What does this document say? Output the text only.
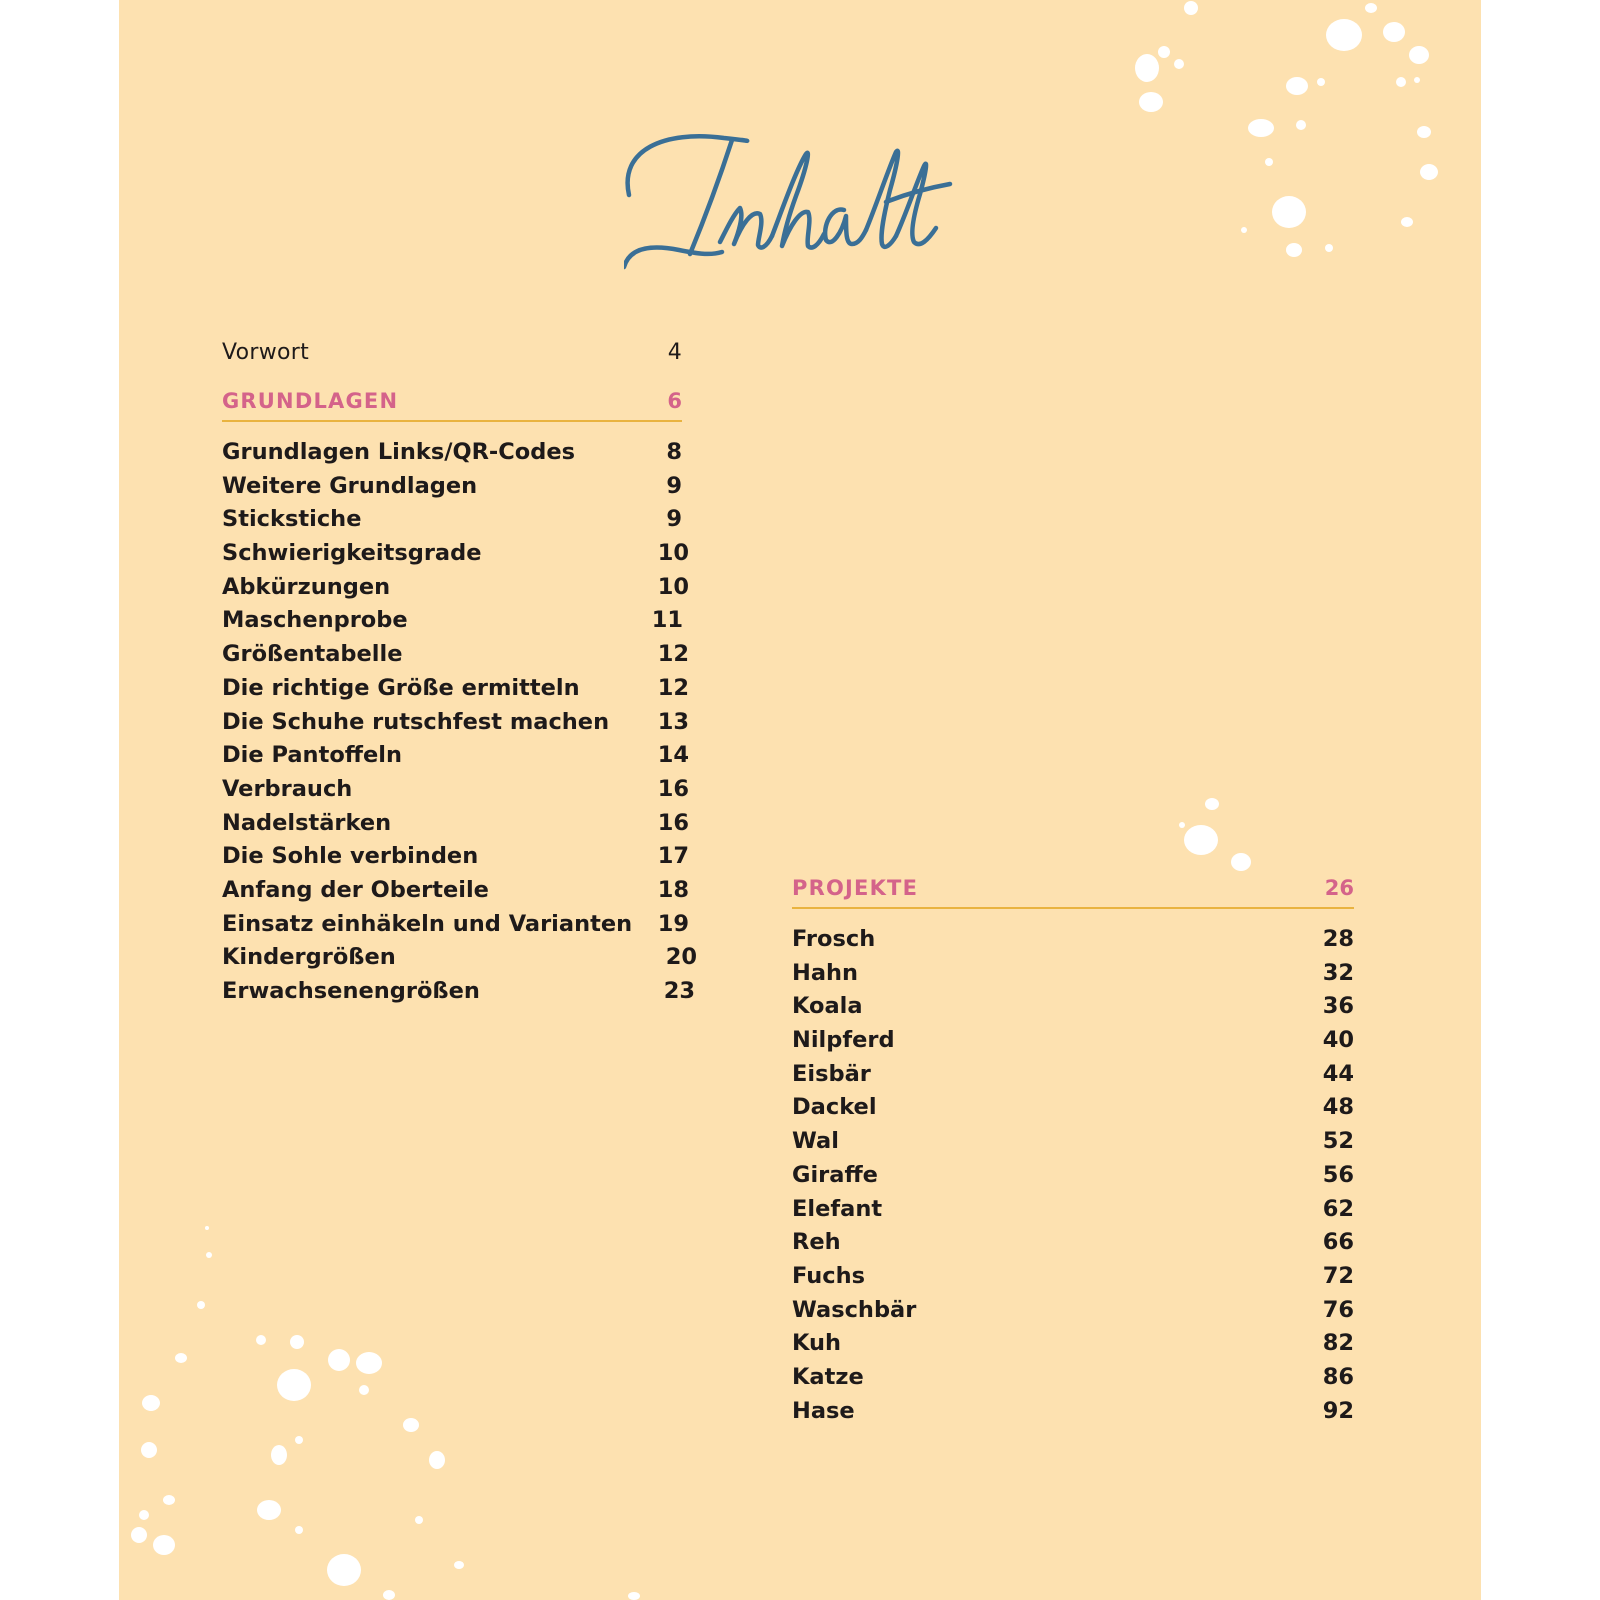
Vorwort	4
GRUNDLAGEN	6
Grundlagen Links/QR-Codes	8
Weitere Grundlagen	9
Stickstiche	9
Schwierigkeitsgrade	10
Abkürzungen	10
Maschenprobe	11
Größentabelle	12
Die richtige Größe ermitteln	12
Die Schuhe rutschfest machen 13
Die Pantoffeln	14
Verbrauch	16
Nadelstärken	16
Die Sohle verbinden	17
Anfang der Oberteile	18
Einsatz einhäkeln und Varianten 19
Kindergrößen	20
Erwachsenengrößen	23
PROJEKTE	26
Frosch	28
Hahn	32
Koala	36
Nilpferd	40
Eisbär	44
Dackel	48
Wal	52
Giraffe	56
Elefant	62
Reh	66
Fuchs	72
Waschbär	76
Kuh	82
Katze	86
Hase	92
